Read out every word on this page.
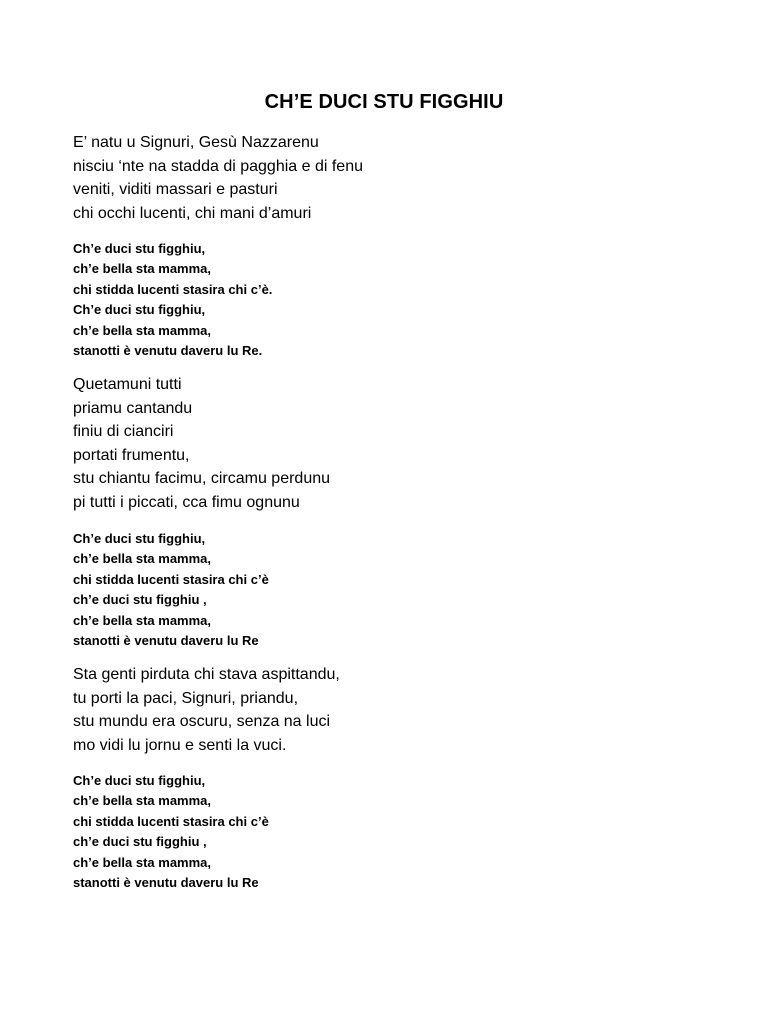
CH’E DUCI STU FIGGHIU
E’ natu u Signuri, Gesù Nazzarenu
nisciu ‘nte na stadda di pagghia e di fenu
veniti, viditi massari e pasturi
chi occhi lucenti, chi mani d’amuri
Ch’e duci stu figghiu,
ch’e bella sta mamma,
chi stidda lucenti stasira chi c’è.
Ch’e duci stu figghiu,
ch’e bella sta mamma,
stanotti è venutu daveru lu Re.
Quetamuni tutti
priamu cantandu
finiu di cianciri
portati frumentu,
stu chiantu facimu, circamu perdunu
pi tutti i piccati, cca fimu ognunu
Ch’e duci stu figghiu,
ch’e bella sta mamma,
chi stidda lucenti stasira chi c’è
ch’e duci stu figghiu ,
ch’e bella sta mamma,
stanotti è venutu daveru lu Re
Sta genti pirduta chi stava aspittandu,
tu porti la paci, Signuri, priandu,
stu mundu era oscuru, senza na luci
mo vidi lu jornu e senti la vuci.
Ch’e duci stu figghiu,
ch’e bella sta mamma,
chi stidda lucenti stasira chi c’è
ch’e duci stu figghiu ,
ch’e bella sta mamma,
stanotti è venutu daveru lu Re
